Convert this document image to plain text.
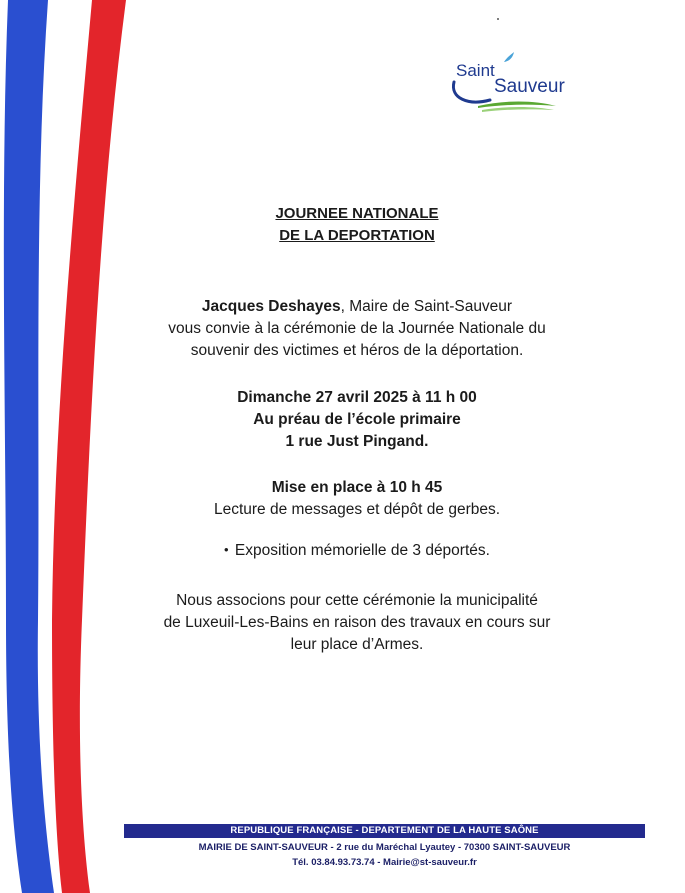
Saint
Sauveur
JOURNEE NATIONALE
DE LA DEPORTATION
Jacques Deshayes, Maire de Saint-Sauveur
vous convie à la cérémonie de la Journée Nationale du
souvenir des victimes et héros de la déportation.
Dimanche 27 avril 2025 à 11 h 00
Au préau de l’école primaire
1 rue Just Pingand.
Mise en place à 10 h 45
Lecture de messages et dépôt de gerbes.
• Exposition mémorielle de 3 déportés.
Nous associons pour cette cérémonie la municipalité
de Luxeuil-Les-Bains en raison des travaux en cours sur
leur place d’Armes.
REPUBLIQUE FRANÇAISE - DEPARTEMENT DE LA HAUTE SAÔNE
MAIRIE DE SAINT-SAUVEUR - 2 rue du Maréchal Lyautey - 70300 SAINT-SAUVEUR
Tél. 03.84.93.73.74 - Mairie@st-sauveur.fr
